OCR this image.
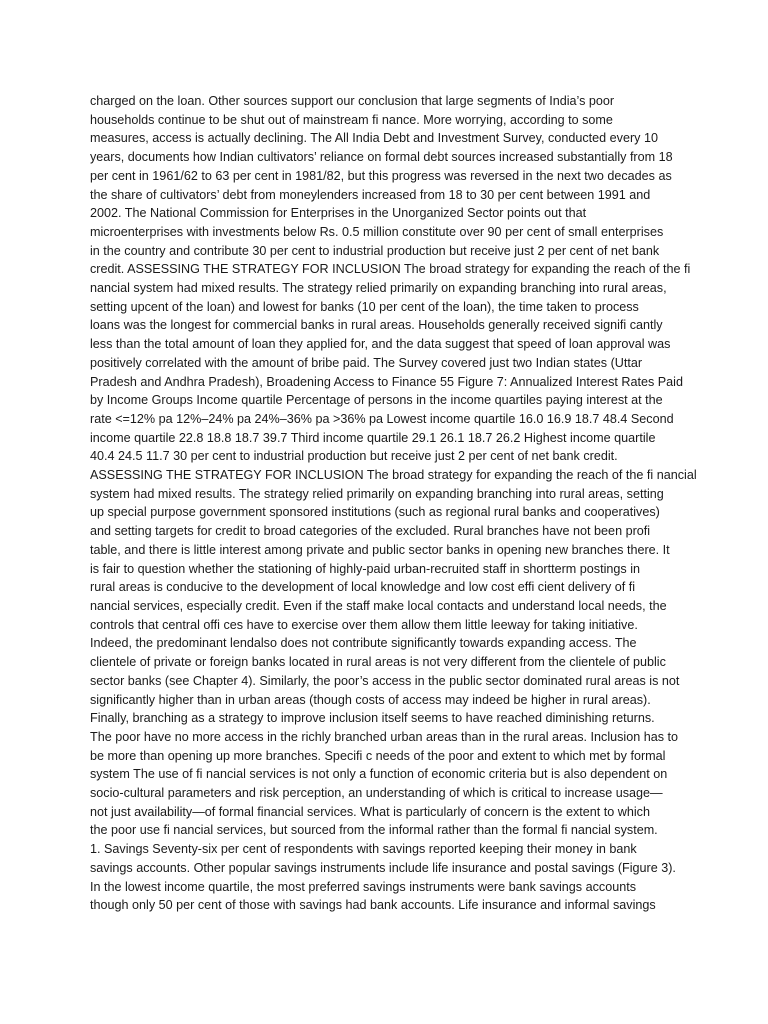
charged on the loan. Other sources support our conclusion that large segments of India’s poor
households continue to be shut out of mainstream fi nance. More worrying, according to some
measures, access is actually declining. The All India Debt and Investment Survey, conducted every 10
years, documents how Indian cultivators’ reliance on formal debt sources increased substantially from 18
per cent in 1961/62 to 63 per cent in 1981/82, but this progress was reversed in the next two decades as
the share of cultivators’ debt from moneylenders increased from 18 to 30 per cent between 1991 and
2002. The National Commission for Enterprises in the Unorganized Sector points out that
microenterprises with investments below Rs. 0.5 million constitute over 90 per cent of small enterprises
in the country and contribute 30 per cent to industrial production but receive just 2 per cent of net bank
credit. ASSESSING THE STRATEGY FOR INCLUSION The broad strategy for expanding the reach of the fi
nancial system had mixed results. The strategy relied primarily on expanding branching into rural areas,
setting upcent of the loan) and lowest for banks (10 per cent of the loan), the time taken to process
loans was the longest for commercial banks in rural areas. Households generally received signifi cantly
less than the total amount of loan they applied for, and the data suggest that speed of loan approval was
positively correlated with the amount of bribe paid. The Survey covered just two Indian states (Uttar
Pradesh and Andhra Pradesh), Broadening Access to Finance 55 Figure 7: Annualized Interest Rates Paid
by Income Groups Income quartile Percentage of persons in the income quartiles paying interest at the
rate <=12% pa 12%–24% pa 24%–36% pa >36% pa Lowest income quartile 16.0 16.9 18.7 48.4 Second
income quartile 22.8 18.8 18.7 39.7 Third income quartile 29.1 26.1 18.7 26.2 Highest income quartile
40.4 24.5 11.7 30 per cent to industrial production but receive just 2 per cent of net bank credit.
ASSESSING THE STRATEGY FOR INCLUSION The broad strategy for expanding the reach of the fi nancial
system had mixed results. The strategy relied primarily on expanding branching into rural areas, setting
up special purpose government sponsored institutions (such as regional rural banks and cooperatives)
and setting targets for credit to broad categories of the excluded. Rural branches have not been profi
table, and there is little interest among private and public sector banks in opening new branches there. It
is fair to question whether the stationing of highly-paid urban-recruited staff in shortterm postings in
rural areas is conducive to the development of local knowledge and low cost effi cient delivery of fi
nancial services, especially credit. Even if the staff make local contacts and understand local needs, the
controls that central offi ces have to exercise over them allow them little leeway for taking initiative.
Indeed, the predominant lendalso does not contribute significantly towards expanding access. The
clientele of private or foreign banks located in rural areas is not very different from the clientele of public
sector banks (see Chapter 4). Similarly, the poor’s access in the public sector dominated rural areas is not
significantly higher than in urban areas (though costs of access may indeed be higher in rural areas).
Finally, branching as a strategy to improve inclusion itself seems to have reached diminishing returns.
The poor have no more access in the richly branched urban areas than in the rural areas. Inclusion has to
be more than opening up more branches. Specifi c needs of the poor and extent to which met by formal
system The use of fi nancial services is not only a function of economic criteria but is also dependent on
socio-cultural parameters and risk perception, an understanding of which is critical to increase usage—
not just availability—of formal financial services. What is particularly of concern is the extent to which
the poor use fi nancial services, but sourced from the informal rather than the formal fi nancial system.
1. Savings Seventy-six per cent of respondents with savings reported keeping their money in bank
savings accounts. Other popular savings instruments include life insurance and postal savings (Figure 3).
In the lowest income quartile, the most preferred savings instruments were bank savings accounts
though only 50 per cent of those with savings had bank accounts. Life insurance and informal savings
